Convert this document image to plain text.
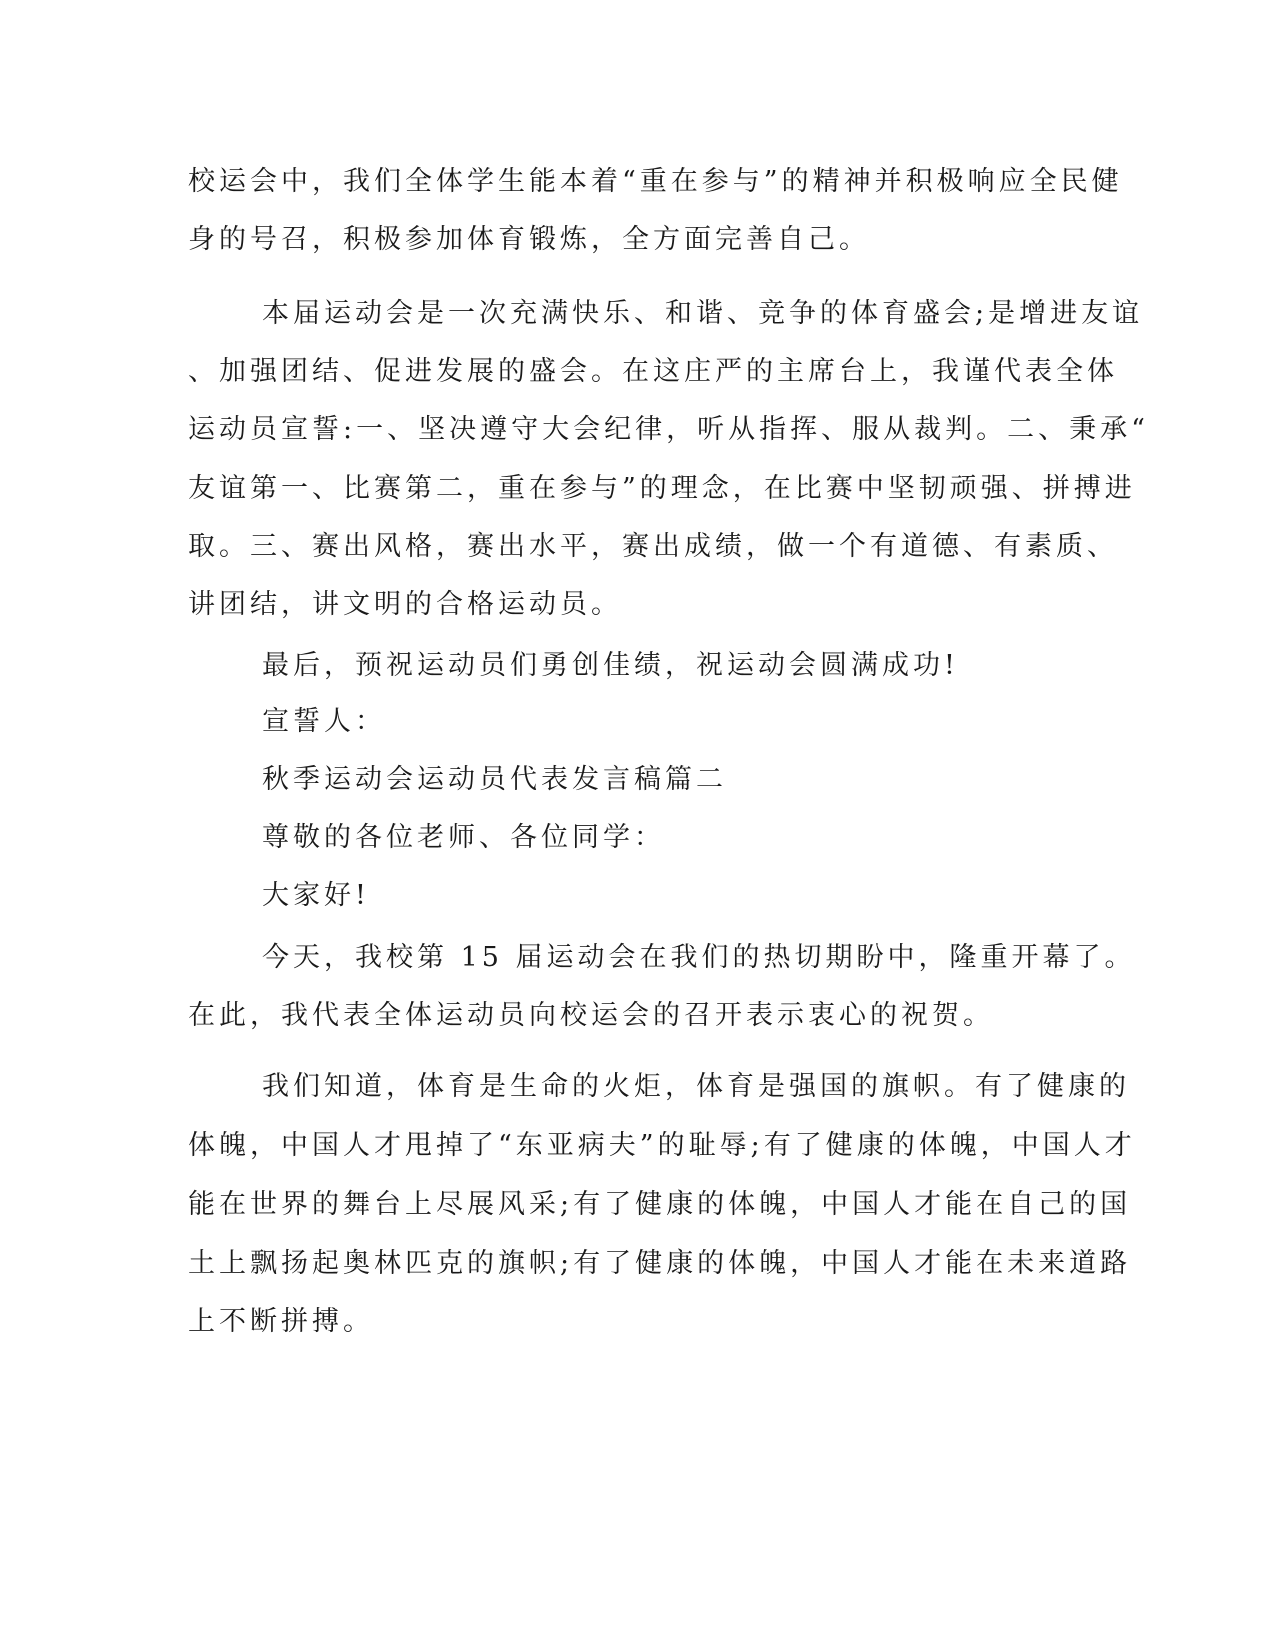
校运会中，我们全体学生能本着“重在参与”的精神并积极响应全民健

身的号召，积极参加体育锻炼，全方面完善自己。

本届运动会是一次充满快乐、和谐、竞争的体育盛会;是增进友谊

、加强团结、促进发展的盛会。在这庄严的主席台上，我谨代表全体

运动员宣誓:一、坚决遵守大会纪律，听从指挥、服从裁判。二、秉承“

友谊第一、比赛第二，重在参与”的理念，在比赛中坚韧顽强、拼搏进

取。三、赛出风格，赛出水平，赛出成绩，做一个有道德、有素质、

讲团结，讲文明的合格运动员。

最后，预祝运动员们勇创佳绩，祝运动会圆满成功!

宣誓人：

秋季运动会运动员代表发言稿篇二

尊敬的各位老师、各位同学：

大家好!

今天，我校第 15 届运动会在我们的热切期盼中，隆重开幕了。

在此，我代表全体运动员向校运会的召开表示衷心的祝贺。

我们知道，体育是生命的火炬，体育是强国的旗帜。有了健康的

体魄，中国人才甩掉了“东亚病夫”的耻辱;有了健康的体魄，中国人才

能在世界的舞台上尽展风采;有了健康的体魄，中国人才能在自己的国

土上飘扬起奥林匹克的旗帜;有了健康的体魄，中国人才能在未来道路

上不断拼搏。
